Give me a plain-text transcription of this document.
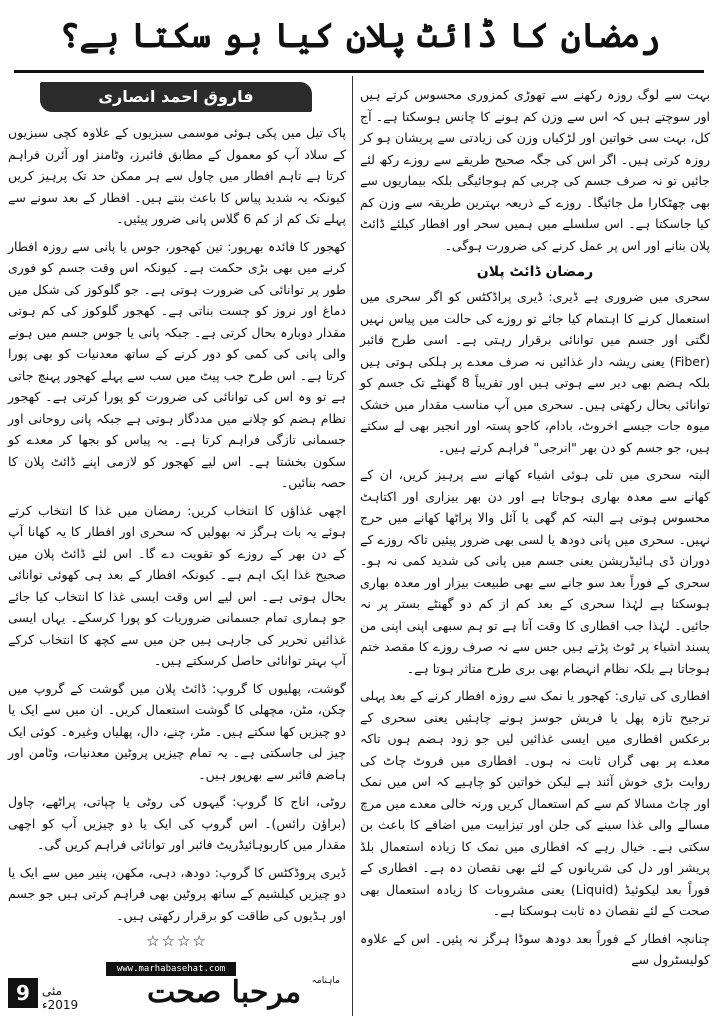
رمضان کا ڈائٹ پلان کیا ہو سکتا ہے؟

بہت سے لوگ روزہ رکھنے سے تھوڑی کمزوری محسوس کرتے ہیں اور سوچتے ہیں کہ اس سے وزن کم ہونے کا چانس ہوسکتا ہے۔ آج کل، بہت سی خواتین اور لڑکیاں وزن کی زیادتی سے پریشان ہو کر روزہ کرتی ہیں۔ اگر اس کی جگہ صحیح طریقے سے روزے رکھ لئے جائیں تو نہ صرف جسم کی چربی کم ہوجائیگی بلکہ بیماریوں سے بھی چھٹکارا مل جائیگا۔ روزے کے ذریعہ بہترین طریقہ سے وزن کم کیا جاسکتا ہے۔ اس سلسلے میں ہمیں سحر اور افطار کیلئے ڈائٹ پلان بنانے اور اس پر عمل کرنے کی ضرورت ہوگی۔

رمضان ڈائٹ پلان

سحری میں ضروری ہے ڈیری: ڈیری پراڈکٹس کو اگر سحری میں استعمال کرنے کا اہتمام کیا جائے تو روزے کی حالت میں پیاس نہیں لگتی اور جسم میں توانائی برقرار رہتی ہے۔ اسی طرح فائبر (Fiber) یعنی ریشہ دار غذائیں نہ صرف معدے پر ہلکی ہوتی ہیں بلکہ ہضم بھی دیر سے ہوتی ہیں اور تقریباً 8 گھنٹے تک جسم کو توانائی بحال رکھتی ہیں۔ سحری میں آپ مناسب مقدار میں خشک میوہ جات جیسے اخروٹ، بادام، کاجو پستہ اور انجیر بھی لے سکتے ہیں، جو جسم کو دن بھر "انرجی" فراہم کرتے ہیں۔

البتہ سحری میں تلی ہوئی اشیاء کھانے سے پرہیز کریں، ان کے کھانے سے معدہ بھاری ہوجاتا ہے اور دن بھر بیزاری اور اکتاہٹ محسوس ہوتی ہے البتہ کم گھی یا آئل والا پراٹھا کھانے میں حرج نہیں۔ سحری میں پانی دودھ یا لسی بھی ضرور پیئیں تاکہ روزے کے دوران ڈی ہائیڈریشن یعنی جسم میں پانی کی شدید کمی نہ ہو۔ سحری کے فوراً بعد سو جانے سے بھی طبیعت بیزار اور معدہ بھاری ہوسکتا ہے لہٰذا سحری کے بعد کم از کم دو گھنٹے بستر پر نہ جائیں۔ لہٰذا جب افطاری کا وقت آتا ہے تو ہم سبھی اپنی اپنی من پسند اشیاء پر ٹوٹ پڑتے ہیں جس سے نہ صرف روزے کا مقصد ختم ہوجاتا ہے بلکہ نظام انہضام بھی بری طرح متاثر ہوتا ہے۔

افطاری کی تیاری: کھجور یا نمک سے روزہ افطار کرنے کے بعد پہلی ترجیح تازہ پھل یا فریش جوسز ہونے چاہئیں یعنی سحری کے برعکس افطاری میں ایسی غذائیں لیں جو زود ہضم ہوں تاکہ معدے پر بھی گراں ثابت نہ ہوں۔ افطاری میں فروٹ چاٹ کی روایت بڑی خوش آئند ہے لیکن خواتین کو چاہیے کہ اس میں نمک اور چاٹ مسالا کم سے کم استعمال کریں ورنہ خالی معدے میں مرچ مسالے والی غذا سینے کی جلن اور تیزابیت میں اضافے کا باعث بن سکتی ہے۔ خیال رہے کہ افطاری میں نمک کا زیادہ استعمال بلڈ پریشر اور دل کی شریانوں کے لئے بھی نقصان دہ ہے۔ افطاری کے فوراً بعد لیکوئیڈ (Liquid) یعنی مشروبات کا زیادہ استعمال بھی صحت کے لئے نقصان دہ ثابت ہوسکتا ہے۔

چنانچہ افطار کے فوراً بعد دودھ سوڈا ہرگز نہ پئیں۔ اس کے علاوہ کولیسٹرول سے

فاروق احمد انصاری

پاک تیل میں پکی ہوئی موسمی سبزیوں کے علاوہ کچی سبزیوں کے سلاد آپ کو معمول کے مطابق فائبرز، وٹامنز اور آئرن فراہم کرتا ہے تاہم افطار میں چاول سے ہر ممکن حد تک پرہیز کریں کیونکہ یہ شدید پیاس کا باعث بنتے ہیں۔ افطار کے بعد سونے سے پہلے تک کم از کم 6 گلاس پانی ضرور پیئیں۔

کھجور کا فائدہ بھرپور: تین کھجور، جوس یا پانی سے روزہ افطار کرنے میں بھی بڑی حکمت ہے۔ کیونکہ اس وقت جسم کو فوری طور پر توانائی کی ضرورت ہوتی ہے۔ جو گلوکوز کی شکل میں دماغ اور نروز کو چست بناتی ہے۔ کھجور گلوکوز کی کم ہوتی مقدار دوبارہ بحال کرتی ہے۔ جبکہ پانی یا جوس جسم میں ہونے والی پانی کی کمی کو دور کرنے کے ساتھ معدنیات کو بھی پورا کرتا ہے۔ اس طرح جب پیٹ میں سب سے پہلے کھجور پہنچ جاتی ہے تو وہ اس کی توانائی کی ضرورت کو پورا کرتی ہے۔ کھجور نظام ہضم کو چلانے میں مددگار ہوتی ہے جبکہ پانی روحانی اور جسمانی تازگی فراہم کرتا ہے۔ یہ پیاس کو بجھا کر معدے کو سکون بخشتا ہے۔ اس لیے کھجور کو لازمی اپنے ڈائٹ پلان کا حصہ بنائیں۔

اچھی غذاؤں کا انتخاب کریں: رمضان میں غذا کا انتخاب کرتے ہوئے یہ بات ہرگز نہ بھولیں کہ سحری اور افطار کا یہ کھانا آپ کے دن بھر کے روزے کو تقویت دے گا۔ اس لئے ڈائٹ پلان میں صحیح غذا ایک اہم ہے۔ کیونکہ افطار کے بعد ہی کھوئی توانائی بحال ہوتی ہے۔ اس لیے اس وقت ایسی غذا کا انتخاب کیا جائے جو ہماری تمام جسمانی ضروریات کو پورا کرسکے۔ یہاں ایسی غذائیں تحریر کی جارہی ہیں جن میں سے کچھ کا انتخاب کرکے آپ بہتر توانائی حاصل کرسکتے ہیں۔

گوشت، پھلیوں کا گروپ: ڈائٹ پلان میں گوشت کے گروپ میں چکن، مٹن، مچھلی کا گوشت استعمال کریں۔ ان میں سے ایک یا دو چیزیں کھا سکتے ہیں۔ مٹر، چنے، دال، پھلیاں وغیرہ۔ کوئی ایک چیز لی جاسکتی ہے۔ یہ تمام چیزیں پروٹین معدنیات، وٹامن اور ہاضم فائبر سے بھرپور ہیں۔

روٹی، اناج کا گروپ: گیہوں کی روٹی یا چپاتی، پراٹھے، چاول (براؤن رائس)۔ اس گروپ کی ایک یا دو چیزیں آپ کو اچھی مقدار میں کاربوہائیڈریٹ فائبر اور توانائی فراہم کریں گی۔

ڈیری پروڈکٹس کا گروپ: دودھ، دہی، مکھن، پنیر میں سے ایک یا دو چیزیں کیلشیم کے ساتھ پروٹین بھی فراہم کرتی ہیں جو جسم اور ہڈیوں کی طاقت کو برقرار رکھتی ہیں۔

☆☆☆☆
9	مئی 2019ء
www.marhabasehat.com
مرحبا صحت	ماہنامہ
